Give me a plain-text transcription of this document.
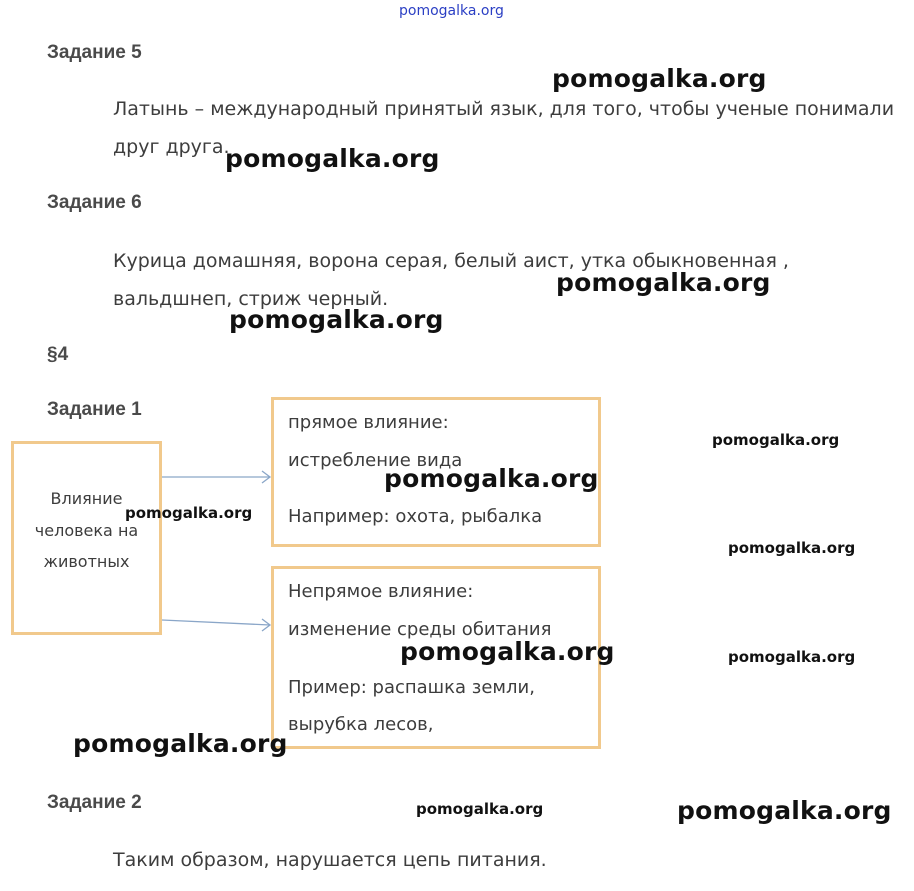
pomogalka.org
Задание 5
Латынь – международный принятый язык, для того, чтобы ученые понимали
друг друга.
Задание 6
Курица домашняя, ворона серая, белый аист, утка обыкновенная ,
вальдшнеп, стриж черный.
§4
Задание 1
Влияние
человека на
животных
прямое влияние:
истребление вида
Например: охота, рыбалка
Непрямое влияние:
изменение среды обитания
Пример: распашка земли,
вырубка лесов,
Задание 2
Таким образом, нарушается цепь питания.
pomogalka.org
pomogalka.org
pomogalka.org
pomogalka.org
pomogalka.org
pomogalka.org
pomogalka.org
pomogalka.org
pomogalka.org	pomogalka.org
pomogalka.org
pomogalka.org	pomogalka.org
